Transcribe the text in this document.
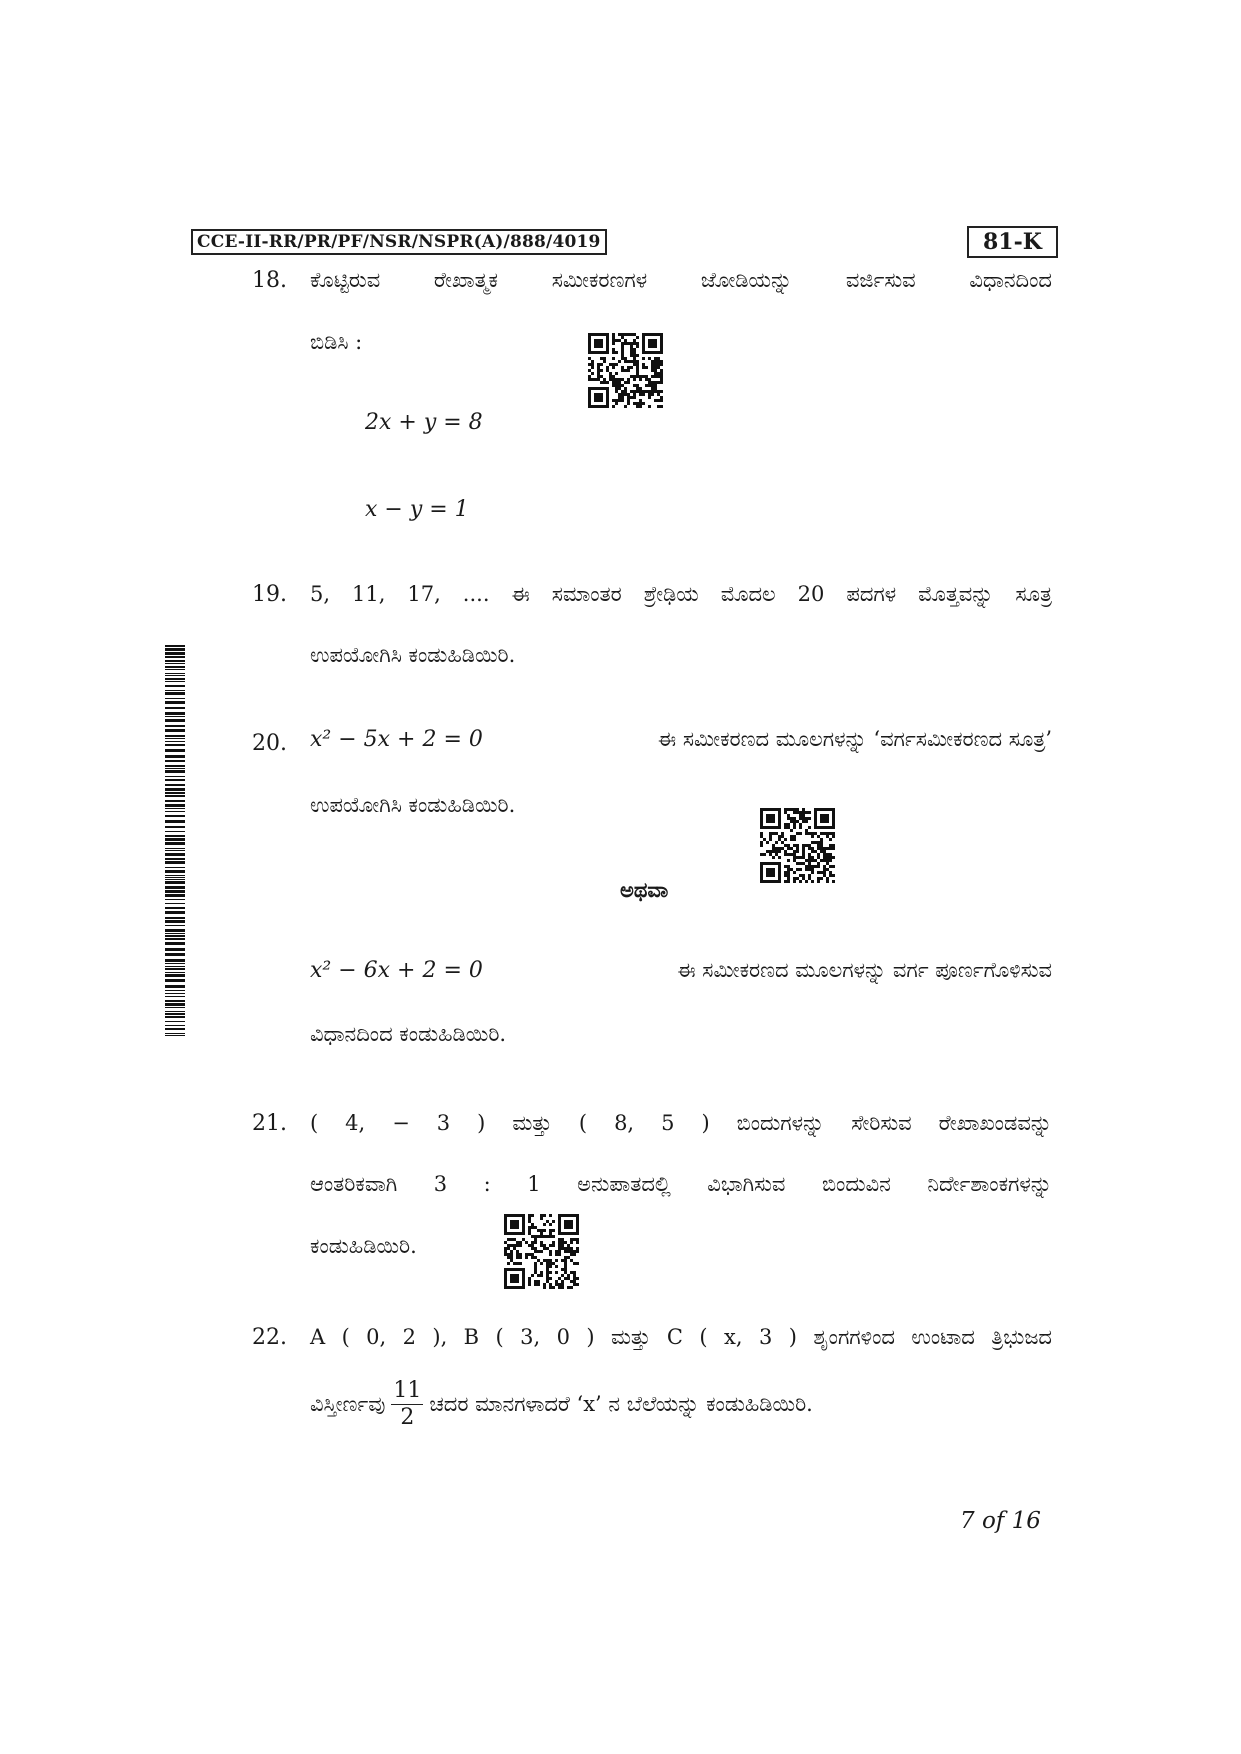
CCE-II-RR/PR/PF/NSR/NSPR(A)/888/4019	81-K
18. ಕೊಟ್ಟಿರುವ ರೇಖಾತ್ಮಕ ಸಮೀಕರಣಗಳ ಜೋಡಿಯನ್ನು ವರ್ಜಿಸುವ ವಿಧಾನದಿಂದ
ಬಿಡಿಸಿ :
2x + y = 8
x − y = 1
19. 5, 11, 17, .... ಈ ಸಮಾಂತರ ಶ್ರೇಢಿಯ ಮೊದಲ 20 ಪದಗಳ ಮೊತ್ತವನ್ನು ಸೂತ್ರ
ಉಪಯೋಗಿಸಿ ಕಂಡುಹಿಡಿಯಿರಿ.
20. x² − 5x + 2 = 0	ಈ ಸಮೀಕರಣದ ಮೂಲಗಳನ್ನು ‘ವರ್ಗಸಮೀಕರಣದ ಸೂತ್ರ’
ಉಪಯೋಗಿಸಿ ಕಂಡುಹಿಡಿಯಿರಿ.
ಅಥವಾ
x² − 6x + 2 = 0	ಈ ಸಮೀಕರಣದ ಮೂಲಗಳನ್ನು ವರ್ಗ ಪೂರ್ಣಗೊಳಿಸುವ
ವಿಧಾನದಿಂದ ಕಂಡುಹಿಡಿಯಿರಿ.
21. ( 4, − 3 ) ಮತ್ತು ( 8, 5 ) ಬಿಂದುಗಳನ್ನು ಸೇರಿಸುವ ರೇಖಾಖಂಡವನ್ನು
ಆಂತರಿಕವಾಗಿ 3 : 1 ಅನುಪಾತದಲ್ಲಿ ವಿಭಾಗಿಸುವ ಬಿಂದುವಿನ ನಿರ್ದೇಶಾಂಕಗಳನ್ನು
ಕಂಡುಹಿಡಿಯಿರಿ.
22. A ( 0, 2 ), B ( 3, 0 ) ಮತ್ತು C ( x, 3 ) ಶೃಂಗಗಳಿಂದ ಉಂಟಾದ ತ್ರಿಭುಜದ
ವಿಸ್ತೀರ್ಣವು $\frac{11}{2}$ ಚದರ ಮಾನಗಳಾದರೆ ‘x’ ನ ಬೆಲೆಯನ್ನು ಕಂಡುಹಿಡಿಯಿರಿ.
7 of 16
